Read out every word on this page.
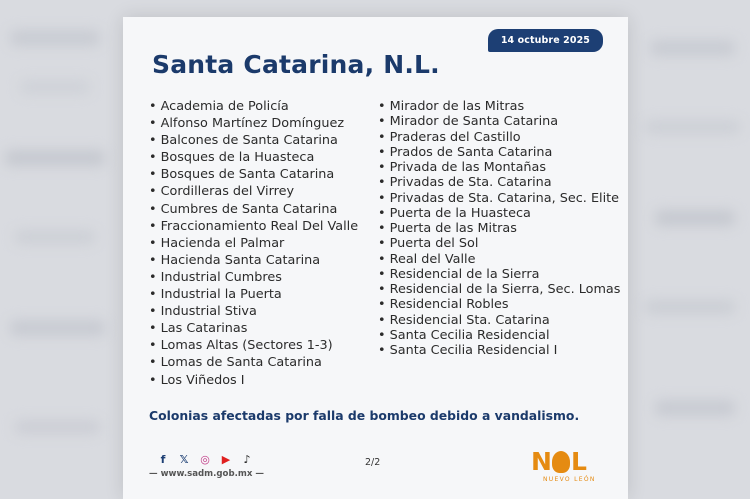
14 octubre 2025
Santa Catarina, N.L.
• Academia de Policía
• Alfonso Martínez Domínguez
• Balcones de Santa Catarina
• Bosques de la Huasteca
• Bosques de Santa Catarina
• Cordilleras del Virrey
• Cumbres de Santa Catarina
• Fraccionamiento Real Del Valle
• Hacienda el Palmar
• Hacienda Santa Catarina
• Industrial Cumbres
• Industrial la Puerta
• Industrial Stiva
• Las Catarinas
• Lomas Altas (Sectores 1-3)
• Lomas de Santa Catarina
• Los Viñedos I
• Mirador de las Mitras
• Mirador de Santa Catarina
• Praderas del Castillo
• Prados de Santa Catarina
• Privada de las Montañas
• Privadas de Sta. Catarina
• Privadas de Sta. Catarina, Sec. Elite
• Puerta de la Huasteca
• Puerta de las Mitras
• Puerta del Sol
• Real del Valle
• Residencial de la Sierra
• Residencial de la Sierra, Sec. Lomas
• Residencial Robles
• Residencial Sta. Catarina
• Santa Cecilia Residencial
• Santa Cecilia Residencial I
Colonias afectadas por falla de bombeo debido a vandalismo.
f	𝕏 ◎ ▶	♪
— www.sadm.gob.mx —
2/2	N L
NUEVO LEÓN
